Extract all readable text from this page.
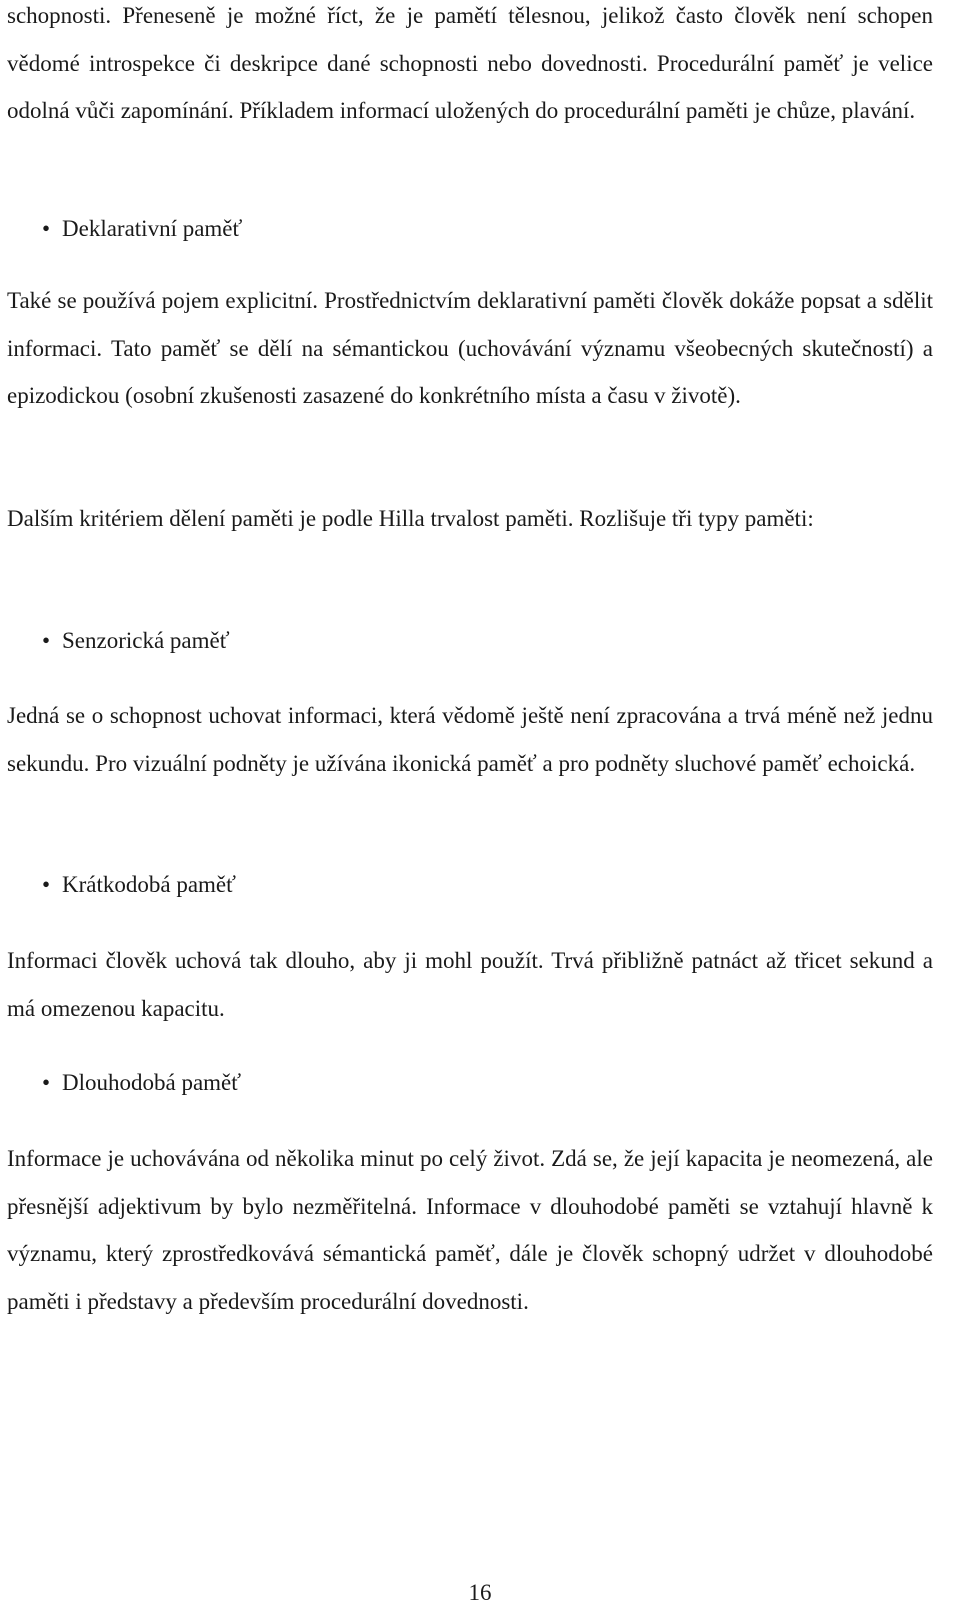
schopnosti. Přeneseně je možné říct, že je pamětí tělesnou, jelikož často člověk není schopen vědomé introspekce či deskripce dané schopnosti nebo dovednosti. Procedurální paměť je velice odolná vůči zapomínání. Příkladem informací uložených do procedurální paměti je chůze, plavání.

• Deklarativní paměť

Také se používá pojem explicitní. Prostřednictvím deklarativní paměti člověk dokáže popsat a sdělit informaci. Tato paměť se dělí na sémantickou (uchovávání významu všeobecných skutečností) a epizodickou (osobní zkušenosti zasazené do konkrétního místa a času v životě).

Dalším kritériem dělení paměti je podle Hilla trvalost paměti. Rozlišuje tři typy paměti:

• Senzorická paměť

Jedná se o schopnost uchovat informaci, která vědomě ještě není zpracována a trvá méně než jednu sekundu. Pro vizuální podněty je užívána ikonická paměť a pro podněty sluchové paměť echoická.

• Krátkodobá paměť

Informaci člověk uchová tak dlouho, aby ji mohl použít. Trvá přibližně patnáct až třicet sekund a má omezenou kapacitu.

• Dlouhodobá paměť

Informace je uchovávána od několika minut po celý život. Zdá se, že její kapacita je neomezená, ale přesnější adjektivum by bylo nezměřitelná. Informace v dlouhodobé paměti se vztahují hlavně k významu, který zprostředkovává sémantická paměť, dále je člověk schopný udržet v dlouhodobé paměti i představy a především procedurální dovednosti.

16
